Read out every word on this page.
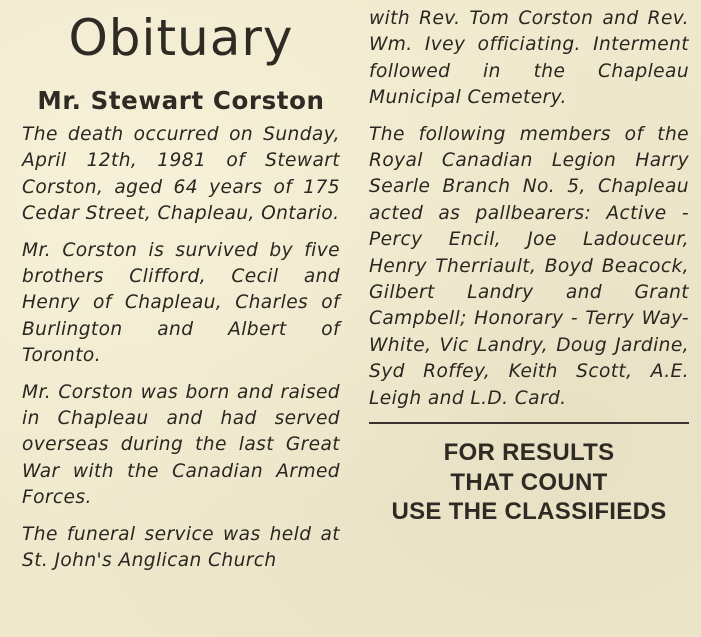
Obituary
Mr. Stewart Corston

The death occurred on Sunday, April 12th, 1981 of Stewart Corston, aged 64 years of 175 Cedar Street, Chapleau, Ontario.

Mr. Corston is survived by five brothers Clifford, Cecil and Henry of Chapleau, Charles of Burlington and Albert of Toronto.

Mr. Corston was born and raised in Chapleau and had served overseas during the last Great War with the Canadian Armed Forces.

The funeral service was held at St. John's Anglican Church

with Rev. Tom Corston and Rev. Wm. Ivey officiating. Interment followed in the Chapleau Municipal Cemetery.

The following members of the Royal Canadian Legion Harry Searle Branch No. 5, Chapleau acted as pallbearers: Active - Percy Encil, Joe Ladouceur, Henry Therriault, Boyd Beacock, Gilbert Landry and Grant Campbell; Honorary - Terry Way-White, Vic Landry, Doug Jardine, Syd Roffey, Keith Scott, A.E. Leigh and L.D. Card.

FOR RESULTS
THAT COUNT
USE THE CLASSIFIEDS
